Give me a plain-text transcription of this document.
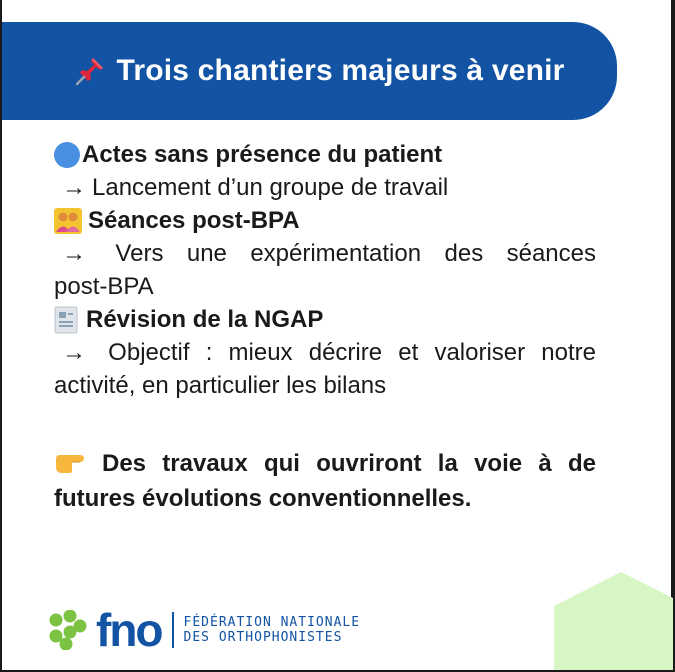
Trois chantiers majeurs à venir
Actes sans présence du patient
→ Lancement d’un groupe de travail
Séances post-BPA
→ Vers une expérimentation des séances
post-BPA
Révision de la NGAP
→ Objectif : mieux décrire et valoriser notre
activité, en particulier les bilans
Des travaux qui ouvriront la voie à de
futures évolutions conventionnelles.
fno FÉDÉRATION NATIONALE
DES ORTHOPHONISTES
